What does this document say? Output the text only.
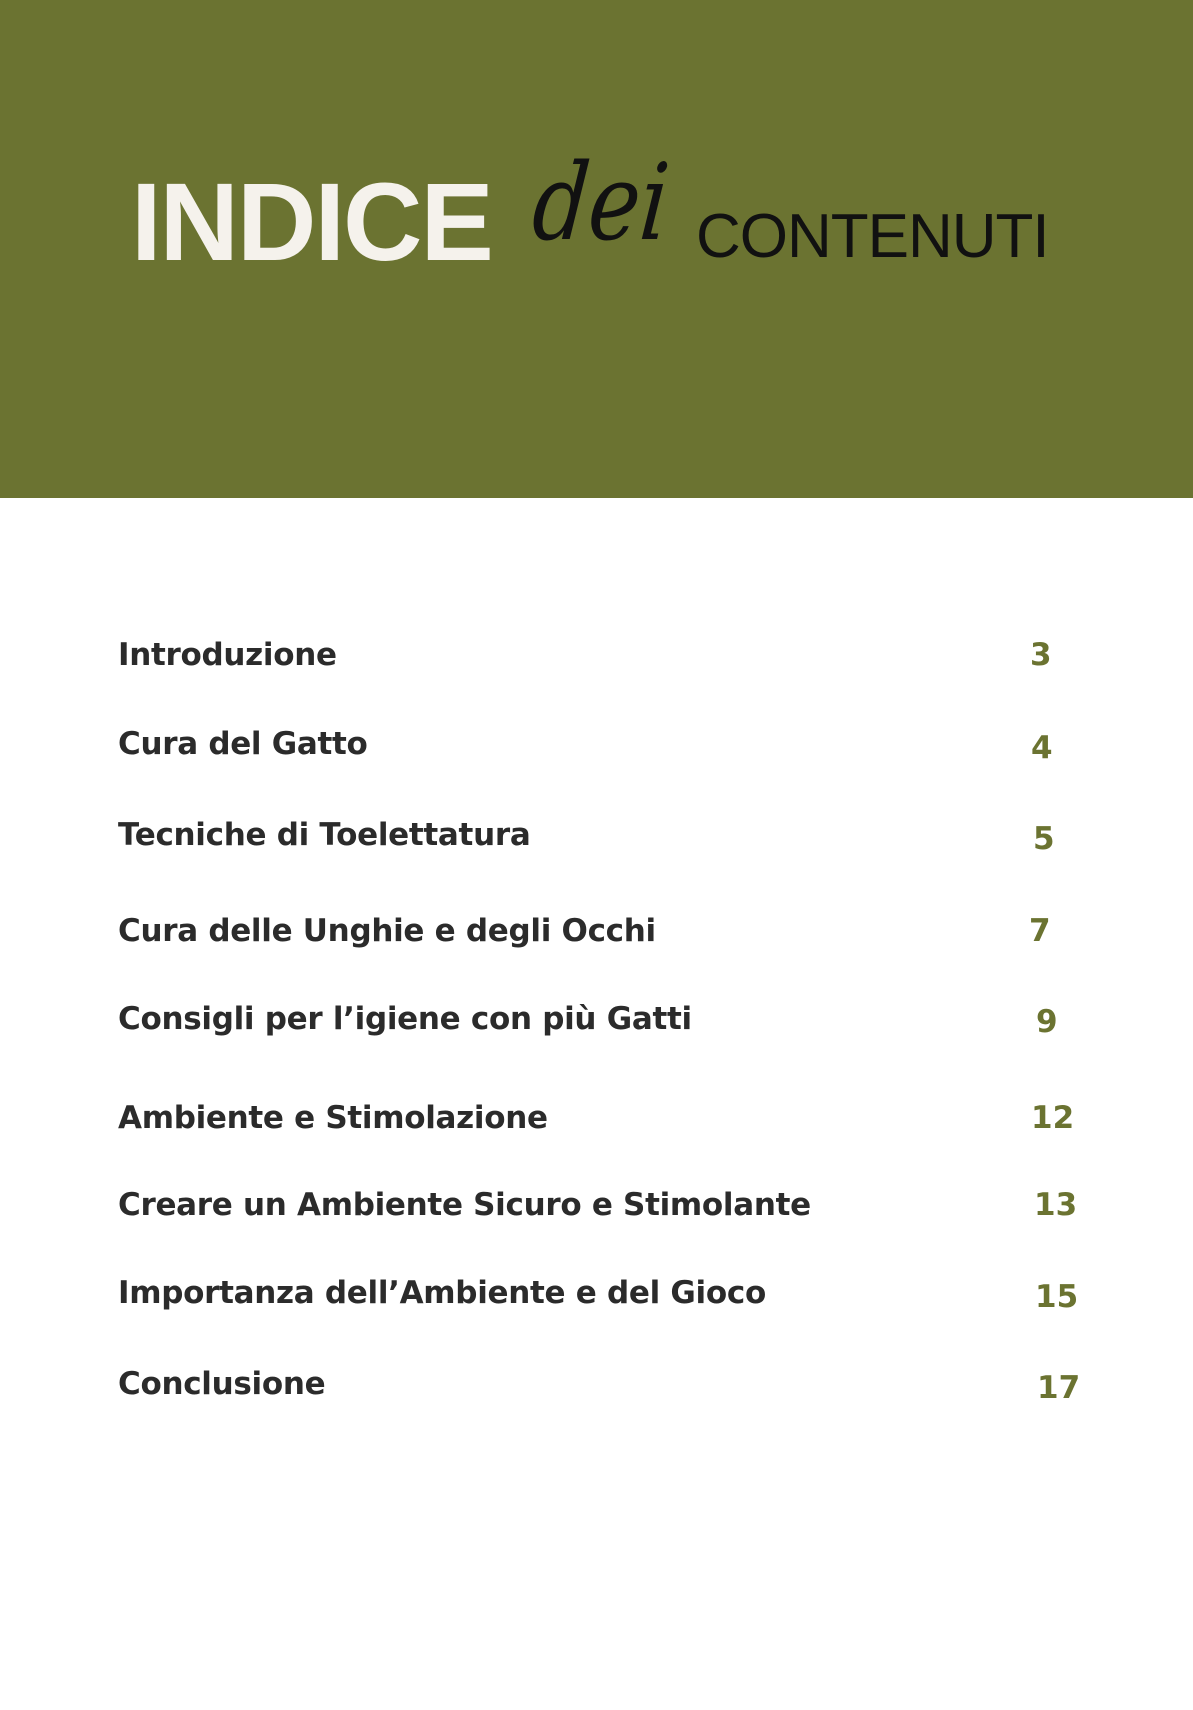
INDICE dei CONTENUTI
Introduzione	3
Cura del Gatto	4
Tecniche di Toelettatura	5
Cura delle Unghie e degli Occhi	7
Consigli per l’igiene con più Gatti	9
Ambiente e Stimolazione	12
Creare un Ambiente Sicuro e Stimolante	13
Importanza dell’Ambiente e del Gioco	15
Conclusione	17
